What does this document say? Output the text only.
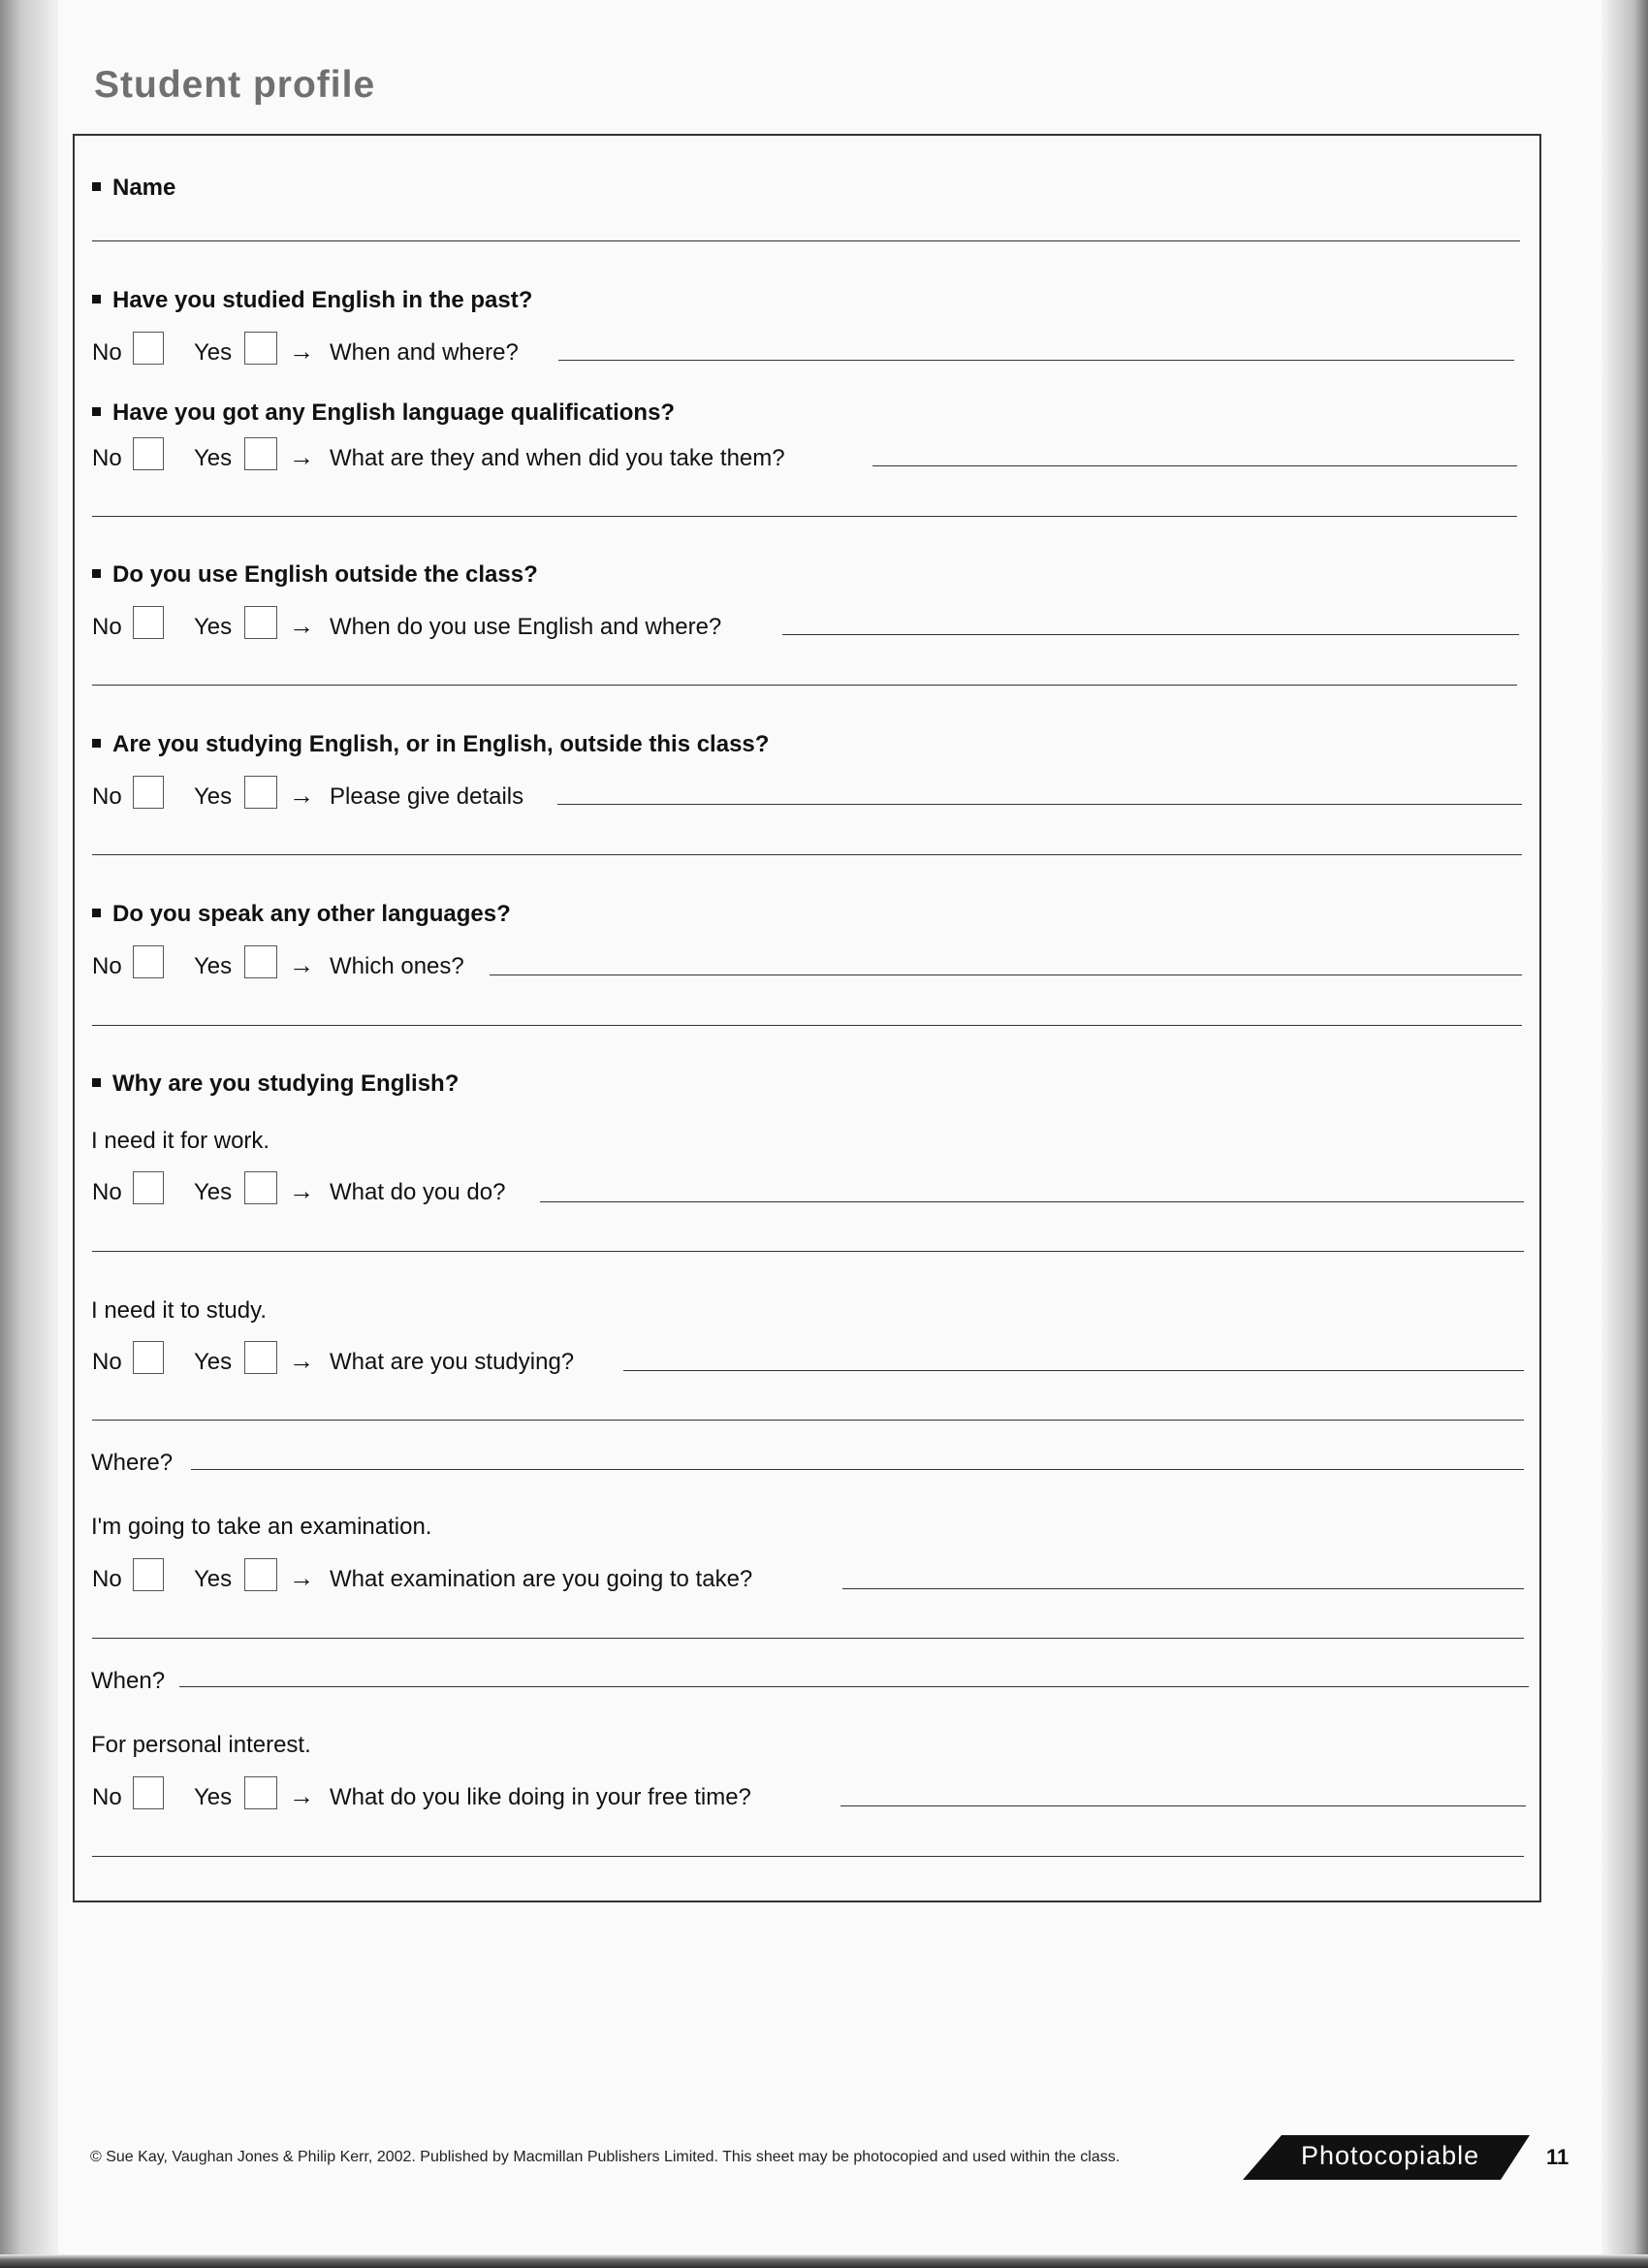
Student profile
Name
Have you studied English in the past?
No	Yes → When and where?
Have you got any English language qualifications?
No	Yes → What are they and when did you take them?
Do you use English outside the class?
No	Yes → When do you use English and where?
Are you studying English, or in English, outside this class?
No	Yes → Please give details
Do you speak any other languages?
No	Yes → Which ones?
Why are you studying English?
I need it for work.
No	Yes → What do you do?
I need it to study.
No	Yes → What are you studying?
Where?
I'm going to take an examination.
No	Yes → What examination are you going to take?
When?
For personal interest.
No	Yes → What do you like doing in your free time?
© Sue Kay, Vaughan Jones & Philip Kerr, 2002. Published by Macmillan Publishers Limited. This sheet may be photocopied and used within the class.	Photocopiable	11
